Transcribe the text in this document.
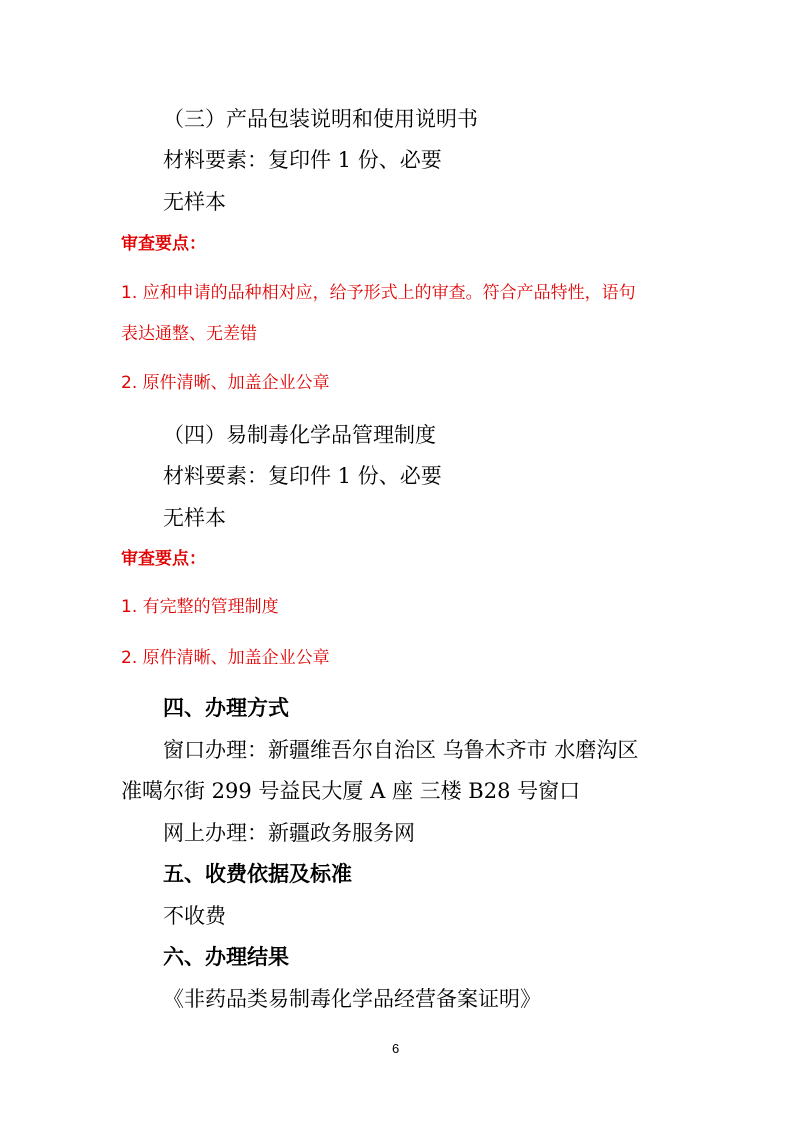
（三）产品包装说明和使用说明书
材料要素：复印件 1 份、必要
无样本
审查要点：
1. 应和申请的品种相对应，给予形式上的审查。符合产品特性，语句
表达通整、无差错
2. 原件清晰、加盖企业公章
（四）易制毒化学品管理制度
材料要素：复印件 1 份、必要
无样本
审查要点：
1. 有完整的管理制度
2. 原件清晰、加盖企业公章
四、办理方式
窗口办理：新疆维吾尔自治区 乌鲁木齐市 水磨沟区
准噶尔街 299 号益民大厦 A 座 三楼 B28 号窗口
网上办理：新疆政务服务网
五、收费依据及标准
不收费
六、办理结果
《非药品类易制毒化学品经营备案证明》
6
